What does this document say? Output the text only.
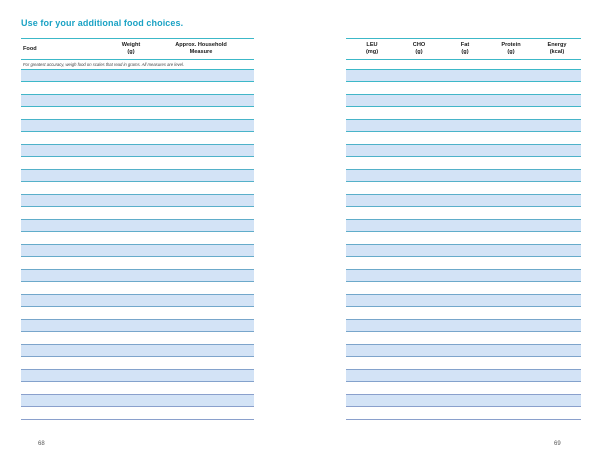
Use for your additional food choices.
Food
Weight
(g)
Approx. Household
Measure
For greatest accuracy, weigh food on scales that read in grams. All measures are level.
LEU
(mg)
CHO
(g)
Fat
(g)
Protein
(g)
Energy
(kcal)
68	69
